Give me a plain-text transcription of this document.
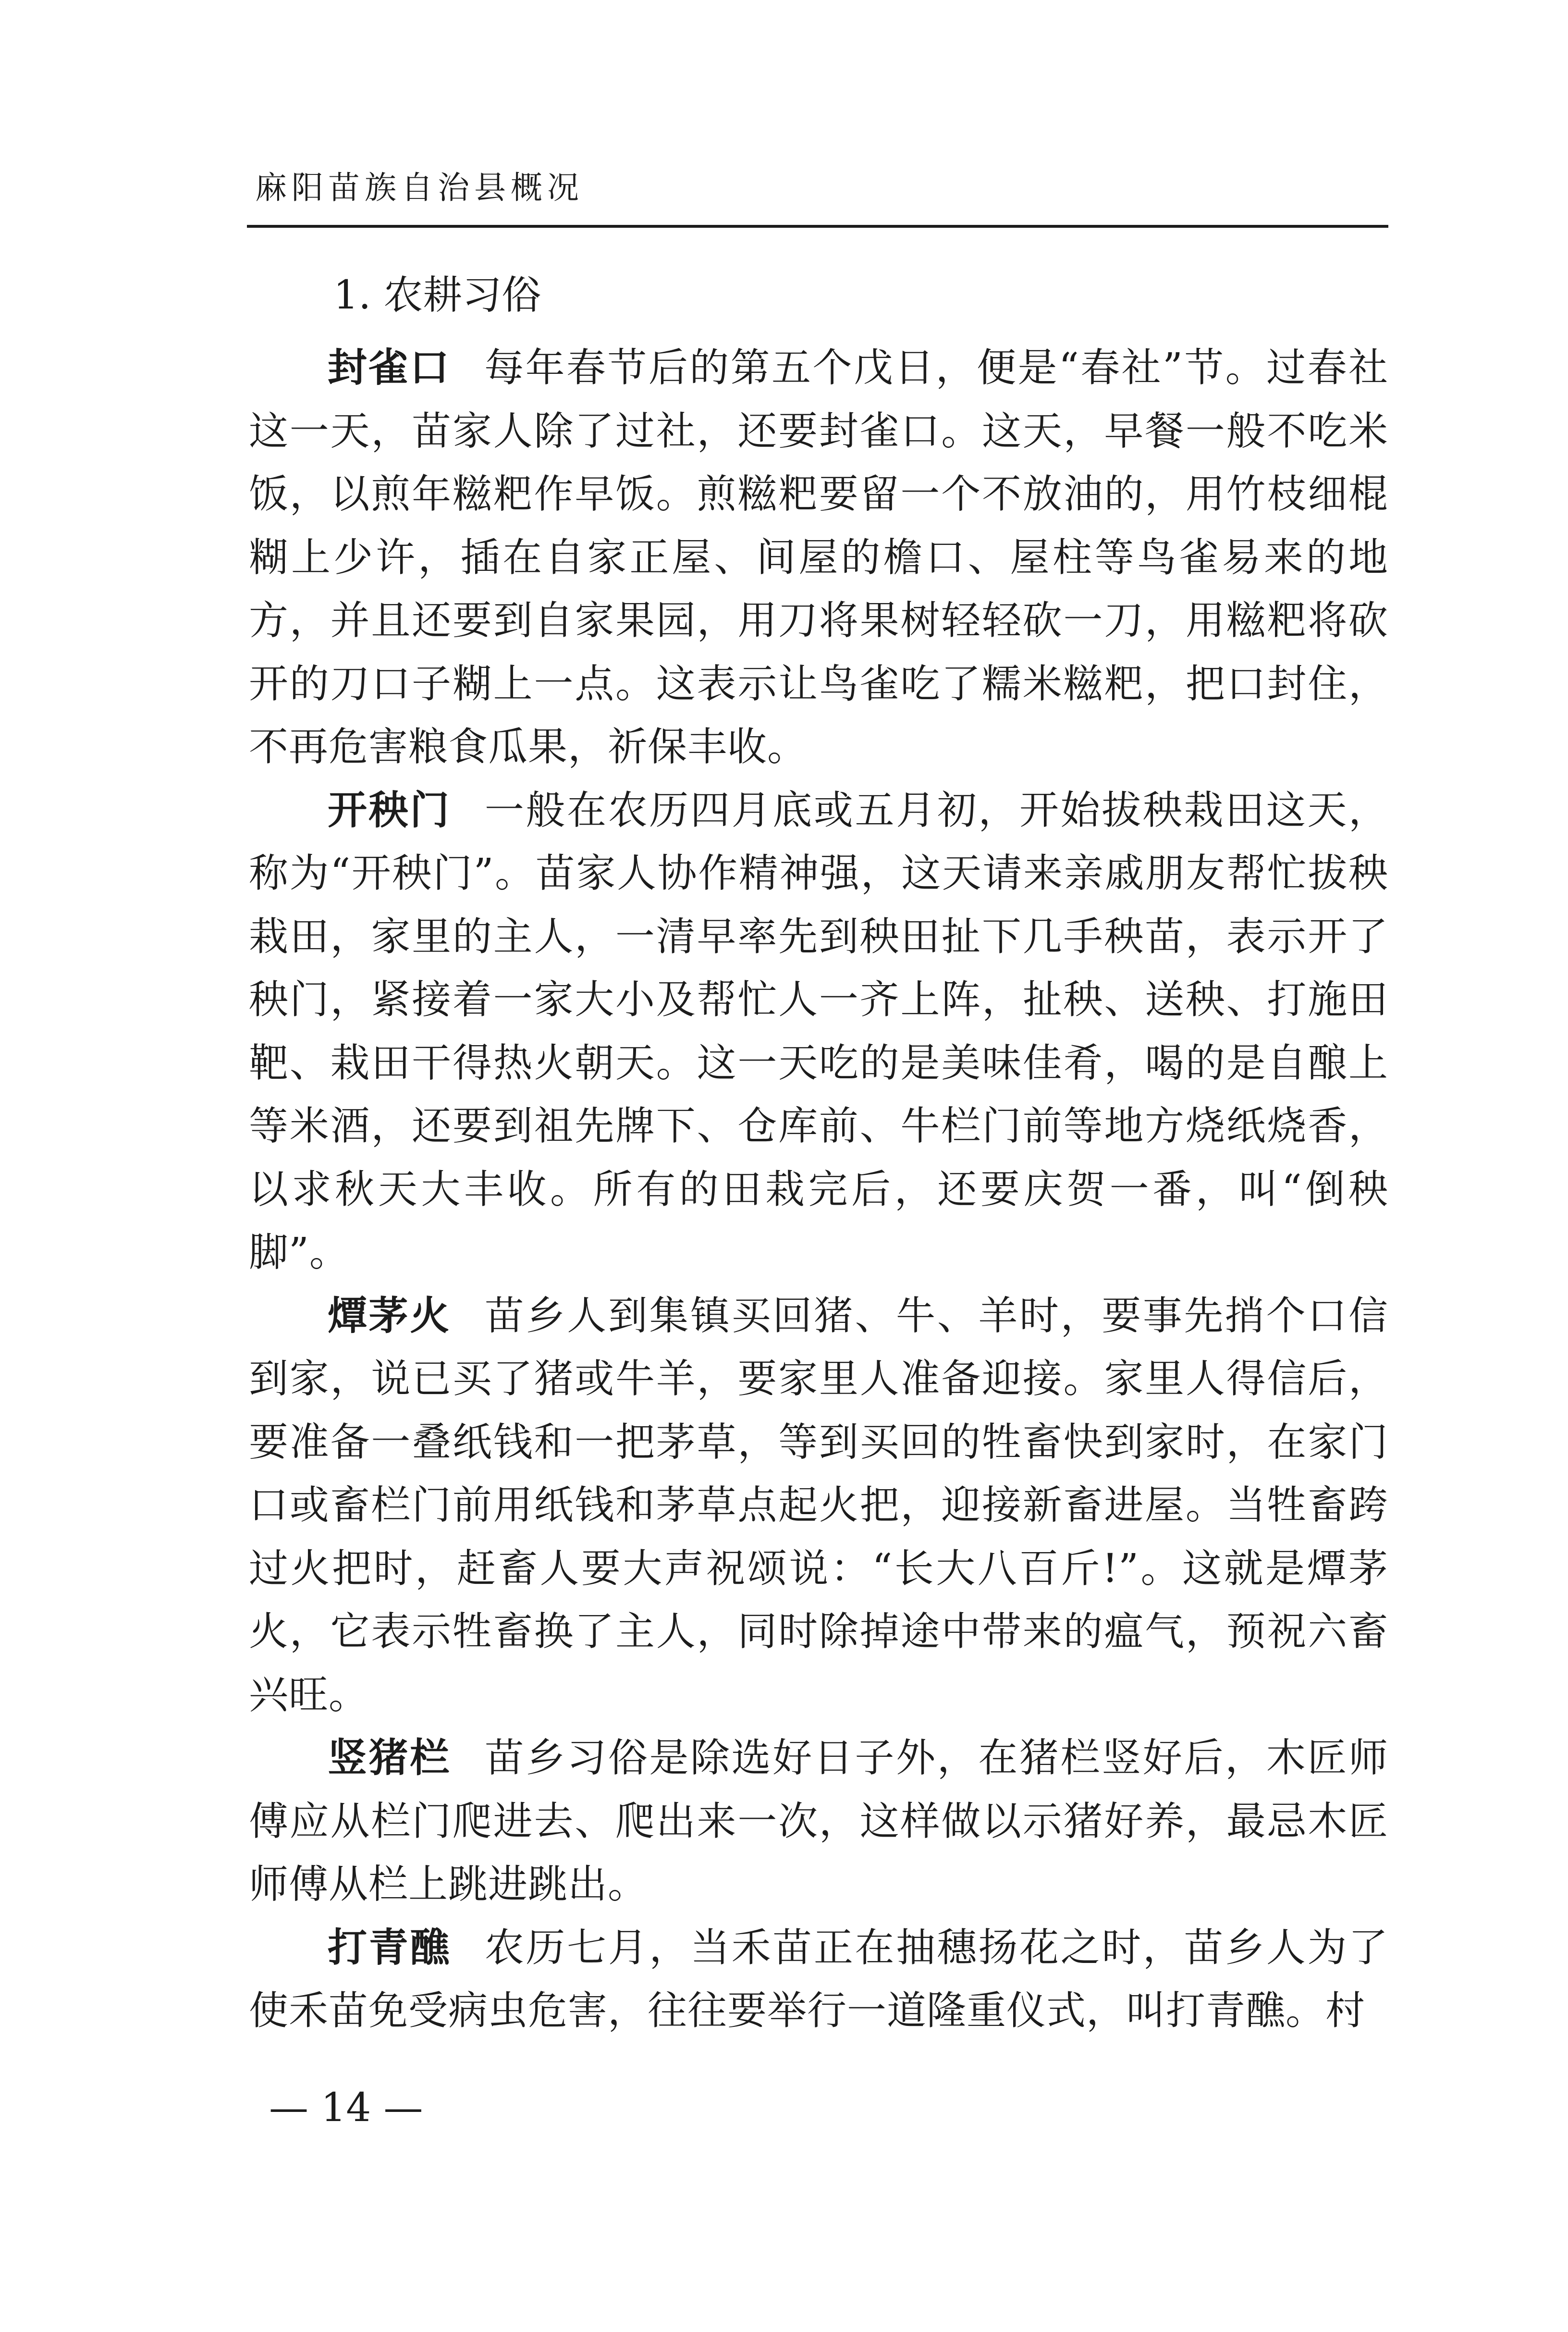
麻阳苗族自治县概况
1. 农耕习俗

封雀口 每年春节后的第五个戊日，便是“春社”节。过春社这一天，苗家人除了过社，还要封雀口。这天，早餐一般不吃米饭，以煎年糍粑作早饭。煎糍粑要留一个不放油的，用竹枝细棍糊上少许，插在自家正屋、间屋的檐口、屋柱等鸟雀易来的地方，并且还要到自家果园，用刀将果树轻轻砍一刀，用糍粑将砍开的刀口子糊上一点。这表示让鸟雀吃了糯米糍粑，把口封住，不再危害粮食瓜果，祈保丰收。

开秧门 一般在农历四月底或五月初，开始拔秧栽田这天，称为“开秧门”。苗家人协作精神强，这天请来亲戚朋友帮忙拔秧栽田，家里的主人，一清早率先到秧田扯下几手秧苗，表示开了秧门，紧接着一家大小及帮忙人一齐上阵，扯秧、送秧、打施田靶、栽田干得热火朝天。这一天吃的是美味佳肴，喝的是自酿上等米酒，还要到祖先牌下、仓库前、牛栏门前等地方烧纸烧香，以求秋天大丰收。所有的田栽完后，还要庆贺一番，叫“倒秧脚”。

燂茅火 苗乡人到集镇买回猪、牛、羊时，要事先捎个口信到家，说已买了猪或牛羊，要家里人准备迎接。家里人得信后，要准备一叠纸钱和一把茅草，等到买回的牲畜快到家时，在家门口或畜栏门前用纸钱和茅草点起火把，迎接新畜进屋。当牲畜跨过火把时，赶畜人要大声祝颂说：“长大八百斤!”。这就是燂茅火，它表示牲畜换了主人，同时除掉途中带来的瘟气，预祝六畜兴旺。

竖猪栏 苗乡习俗是除选好日子外，在猪栏竖好后，木匠师傅应从栏门爬进去、爬出来一次，这样做以示猪好养，最忌木匠师傅从栏上跳进跳出。

打青醮 农历七月，当禾苗正在抽穗扬花之时，苗乡人为了使禾苗免受病虫危害，往往要举行一道隆重仪式，叫打青醮。村

— 14 —
